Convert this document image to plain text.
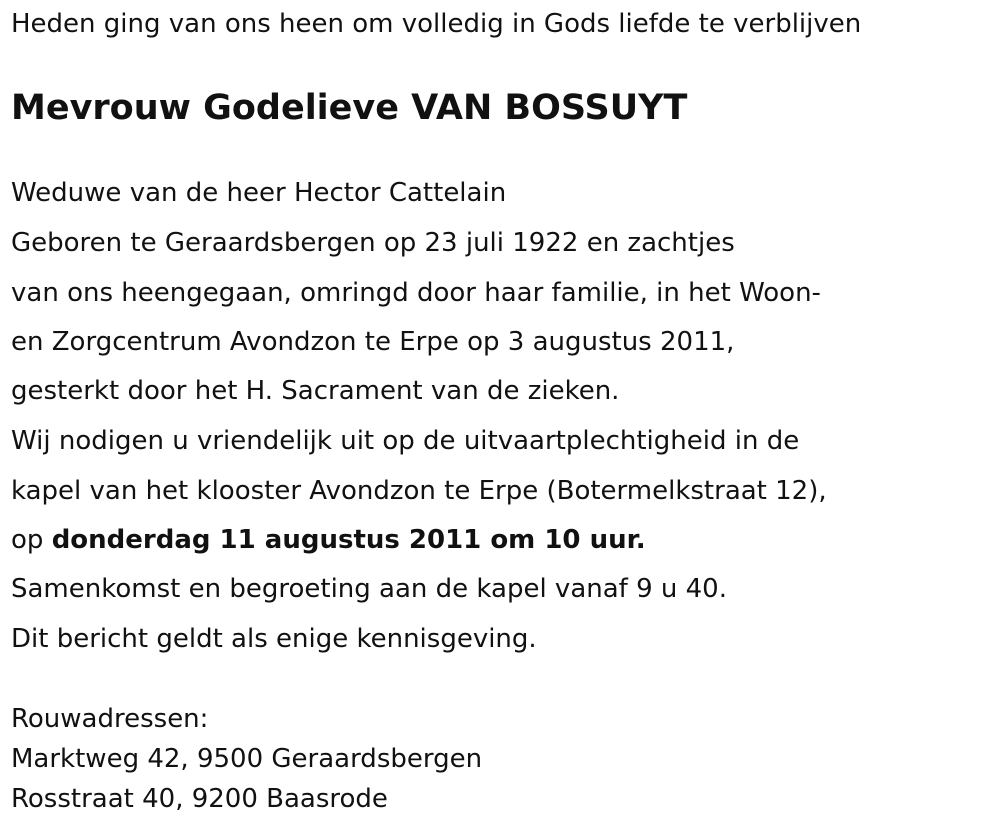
Heden ging van ons heen om volledig in Gods liefde te verblijven
Mevrouw Godelieve VAN BOSSUYT
Weduwe van de heer Hector Cattelain
Geboren te Geraardsbergen op 23 juli 1922 en zachtjes
van ons heengegaan, omringd door haar familie, in het Woon-
en Zorgcentrum Avondzon te Erpe op 3 augustus 2011,
gesterkt door het H. Sacrament van de zieken.
Wij nodigen u vriendelijk uit op de uitvaartplechtigheid in de
kapel van het klooster Avondzon te Erpe (Botermelkstraat 12),
op donderdag 11 augustus 2011 om 10 uur.
Samenkomst en begroeting aan de kapel vanaf 9 u 40.
Dit bericht geldt als enige kennisgeving.
Rouwadressen:
Marktweg 42, 9500 Geraardsbergen
Rosstraat 40, 9200 Baasrode
